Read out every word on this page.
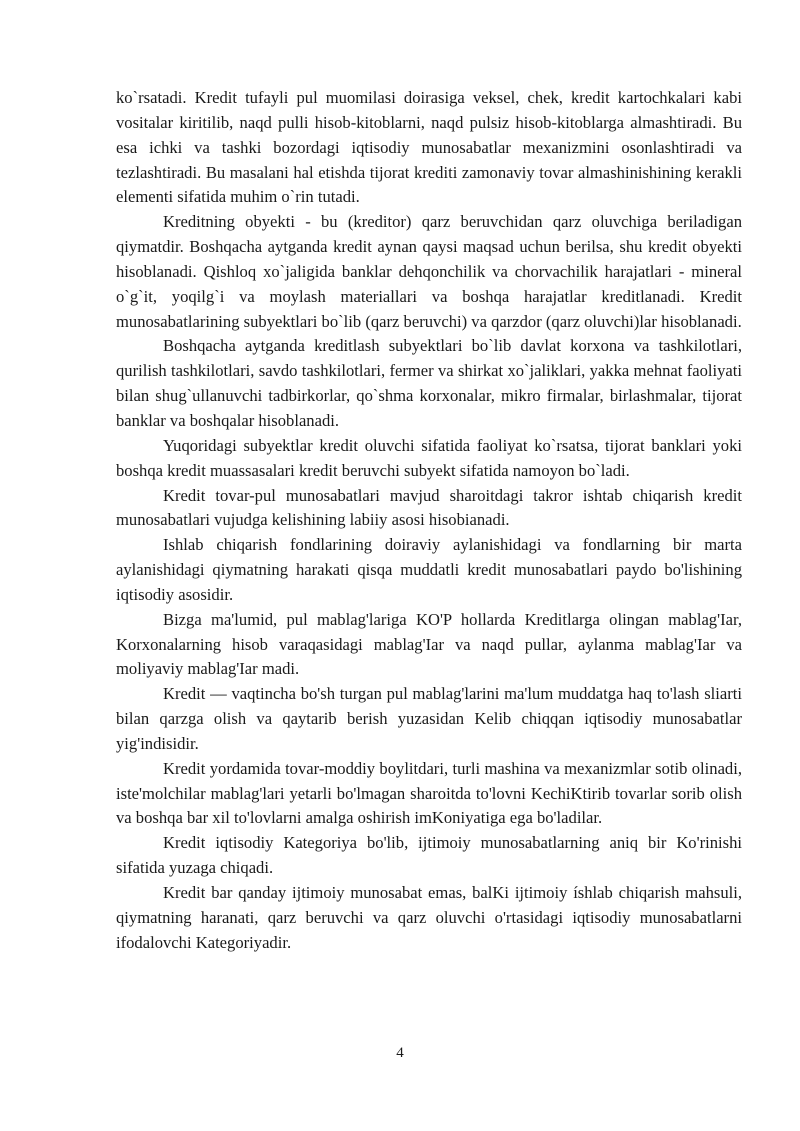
ko`rsatadi. Kredit tufayli pul muomilasi doirasiga veksel, chek, kredit kartochkalari kabi vositalar kiritilib, naqd pulli hisob-kitoblarni, naqd pulsiz hisob-kitoblarga almashtiradi. Bu esa ichki va tashki bozordagi iqtisodiy munosabatlar mexanizmini osonlashtiradi va tezlashtiradi. Bu masalani hal etishda tijorat krediti zamonaviy tovar almashinishining kerakli elementi sifatida muhim o`rin tutadi.

Kreditning obyekti - bu (kreditor) qarz beruvchidan qarz oluvchiga beriladigan qiymatdir. Boshqacha aytganda kredit aynan qaysi maqsad uchun berilsa, shu kredit obyekti hisoblanadi. Qishloq xo`jaligida banklar dehqonchilik va chorvachilik harajatlari - mineral o`g`it, yoqilg`i va moylash materiallari va boshqa harajatlar kreditlanadi. Kredit munosabatlarining subyektlari bo`lib (qarz beruvchi) va qarzdor (qarz oluvchi)lar hisoblanadi.

Boshqacha aytganda kreditlash subyektlari bo`lib davlat korxona va tashkilotlari, qurilish tashkilotlari, savdo tashkilotlari, fermer va shirkat xo`jaliklari, yakka mehnat faoliyati bilan shug`ullanuvchi tadbirkorlar, qo`shma korxonalar, mikro firmalar, birlashmalar, tijorat banklar va boshqalar hisoblanadi.

Yuqoridagi subyektlar kredit oluvchi sifatida faoliyat ko`rsatsa, tijorat banklari yoki boshqa kredit muassasalari kredit beruvchi subyekt sifatida namoyon bo`ladi.

Kredit tovar-pul munosabatlari mavjud sharoitdagi takror ishtab chiqarish kredit munosabatlari vujudga kelishining labiiy asosi hisobianadi.

Ishlab chiqarish fondlarining doiraviy aylanishidagi va fondlarning bir marta aylanishidagi qiymatning harakati qisqa muddatli kredit munosabatlari paydo bo'lishining iqtisodiy asosidir.

Bizga ma'lumid, pul mablag'lariga KO'P hollarda Kreditlarga olingan mablag'Iar, Korxonalarning hisob varaqasidagi mablag'Iar va naqd pullar, aylanma mablag'Iar va moliyaviy mablag'Iar madi.

Kredit — vaqtincha bo'sh turgan pul mablag'larini ma'lum muddatga haq to'lash sliarti bilan qarzga olish va qaytarib berish yuzasidan Kelib chiqqan iqtisodiy munosabatlar yig'indisidir.

Kredit yordamida tovar-moddiy boylitdari, turli mashina va mexanizmlar sotib olinadi, iste'molchilar mablag'lari yetarli bo'lmagan sharoitda to'lovni KechiKtirib tovarlar sorib olish va boshqa bar xil to'lovlarni amalga oshirish imKoniyatiga ega bo'ladilar.

Kredit iqtisodiy Kategoriya bo'lib, ijtimoiy munosabatlarning aniq bir Ko'rinishi sifatida yuzaga chiqadi.

Kredit bar qanday ijtimoiy munosabat emas, balKi ijtimoiy íshlab chiqarish mahsuli, qiymatning haranati, qarz beruvchi va qarz oluvchi o'rtasidagi iqtisodiy munosabatlarni ifodalovchi Kategoriyadir.

4
